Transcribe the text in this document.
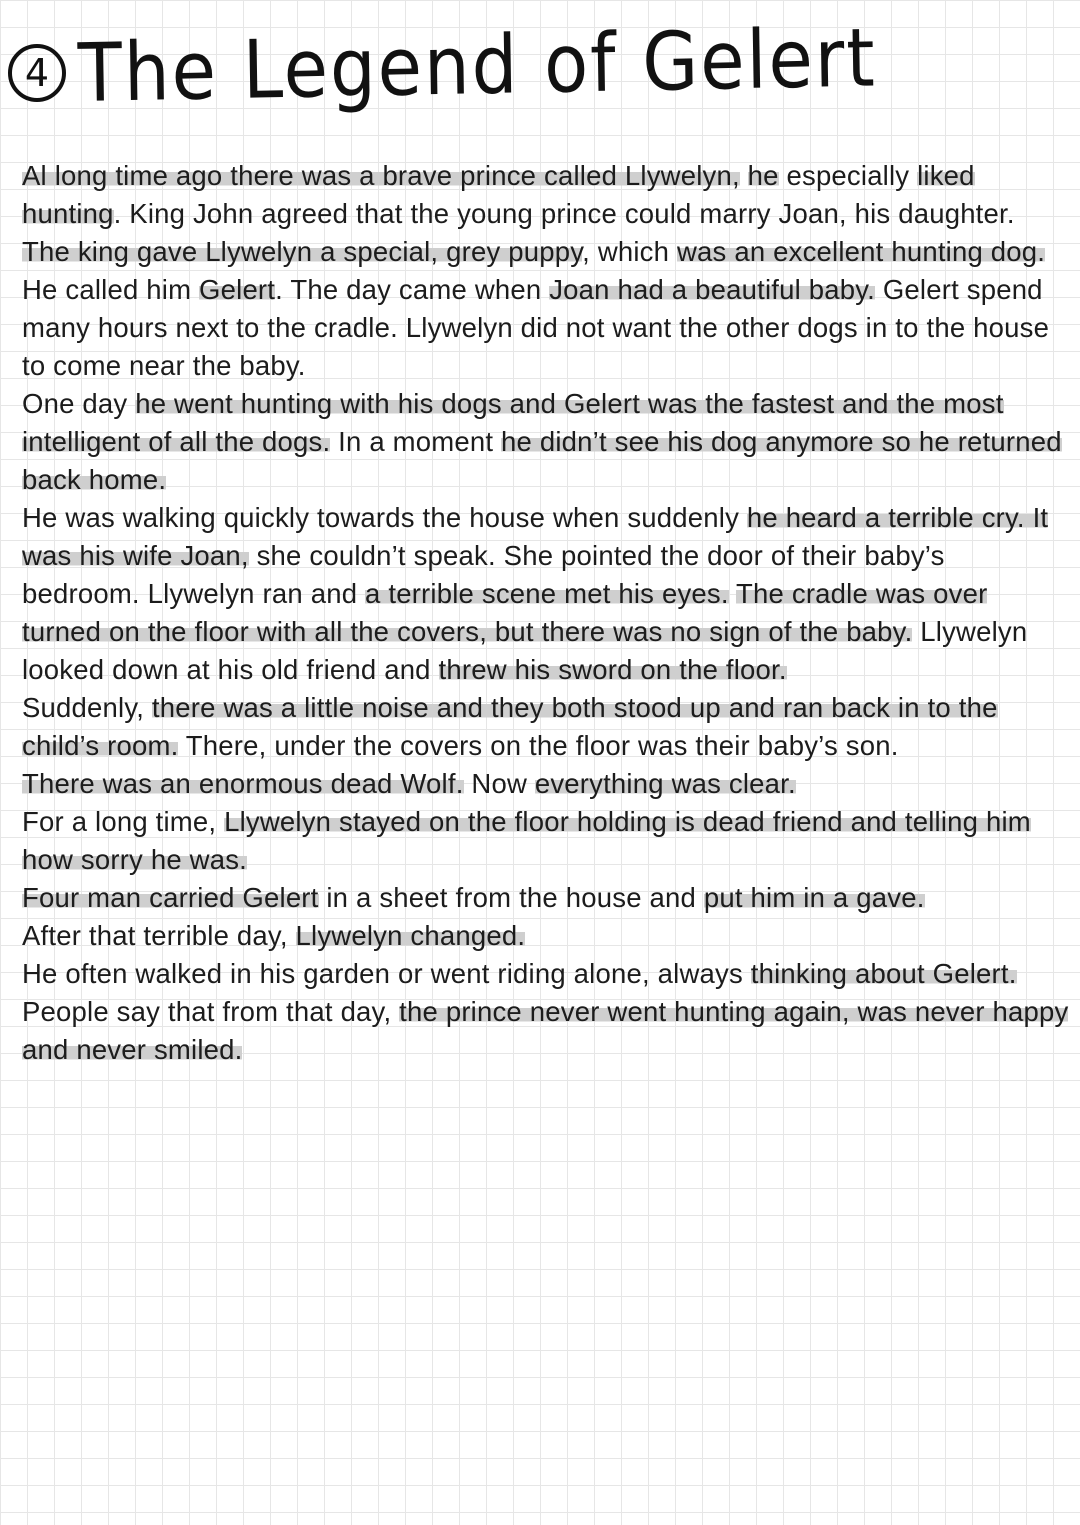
4 The Legend of Gelert

Al long time ago there was a brave prince called Llywelyn, he especially liked hunting. King John agreed that the young prince could marry Joan, his daughter. The king gave Llywelyn a special, grey puppy, which was an excellent hunting dog. He called him Gelert. The day came when Joan had a beautiful baby. Gelert spend many hours next to the cradle. Llywelyn did not want the other dogs in to the house to come near the baby.

One day he went hunting with his dogs and Gelert was the fastest and the most intelligent of all the dogs. In a moment he didn’t see his dog anymore so he returned back home.

He was walking quickly towards the house when suddenly he heard a terrible cry. It was his wife Joan, she couldn’t speak. She pointed the door of their baby’s bedroom. Llywelyn ran and a terrible scene met his eyes. The cradle was over turned on the floor with all the covers, but there was no sign of the baby. Llywelyn looked down at his old friend and threw his sword on the floor.

Suddenly, there was a little noise and they both stood up and ran back in to the child’s room. There, under the covers on the floor was their baby’s son.

There was an enormous dead Wolf. Now everything was clear.

For a long time, Llywelyn stayed on the floor holding is dead friend and telling him how sorry he was.

Four man carried Gelert in a sheet from the house and put him in a gave.

After that terrible day, Llywelyn changed.

He often walked in his garden or went riding alone, always thinking about Gelert. People say that from that day, the prince never went hunting again, was never happy and never smiled.
